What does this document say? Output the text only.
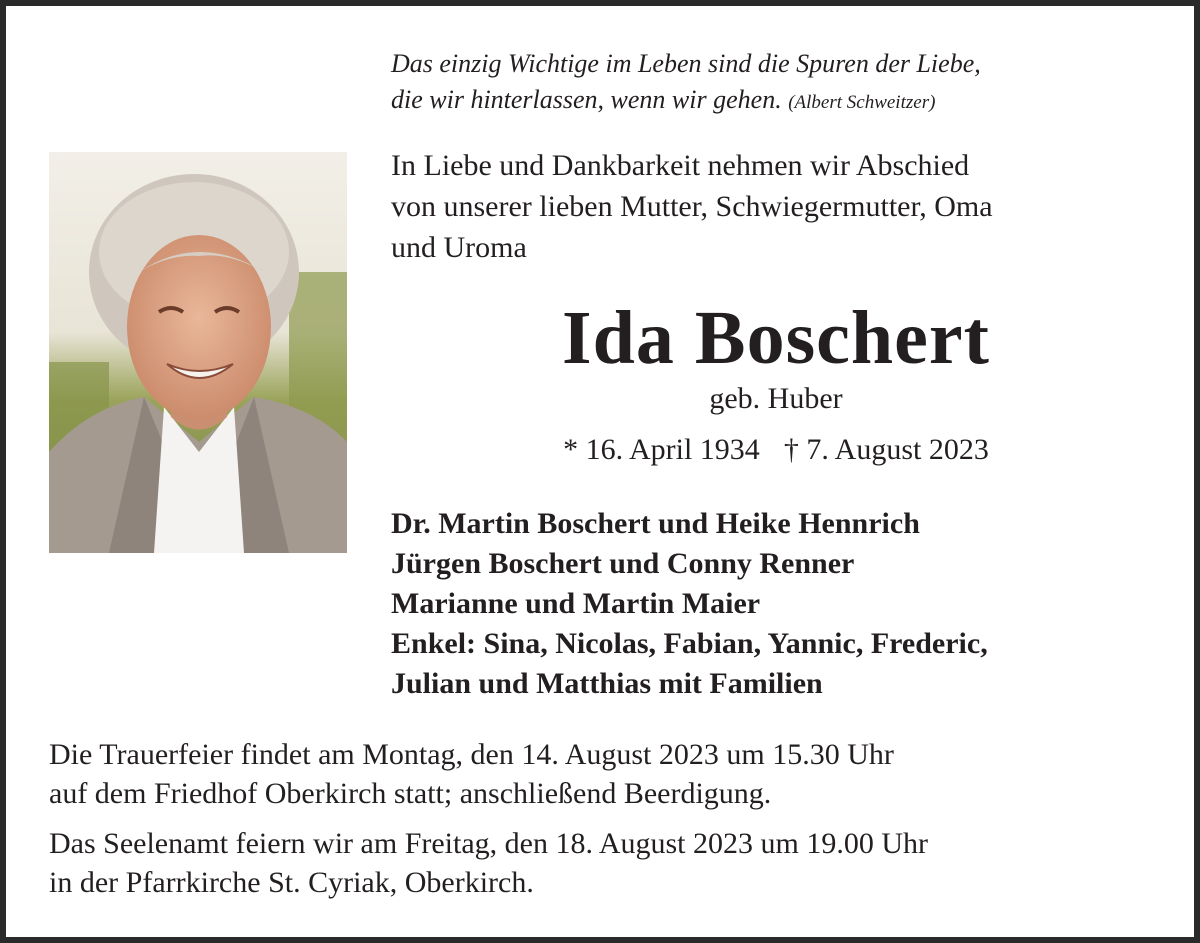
Das einzig Wichtige im Leben sind die Spuren der Liebe,
die wir hinterlassen, wenn wir gehen. (Albert Schweitzer)
In Liebe und Dankbarkeit nehmen wir Abschied
von unserer lieben Mutter, Schwiegermutter, Oma
und Uroma
Ida Boschert
geb. Huber
* 16. April 1934 † 7. August 2023
Dr. Martin Boschert und Heike Hennrich
Jürgen Boschert und Conny Renner
Marianne und Martin Maier
Enkel: Sina, Nicolas, Fabian, Yannic, Frederic,
Julian und Matthias mit Familien
Die Trauerfeier findet am Montag, den 14. August 2023 um 15.30 Uhr
auf dem Friedhof Oberkirch statt; anschließend Beerdigung.
Das Seelenamt feiern wir am Freitag, den 18. August 2023 um 19.00 Uhr
in der Pfarrkirche St. Cyriak, Oberkirch.
